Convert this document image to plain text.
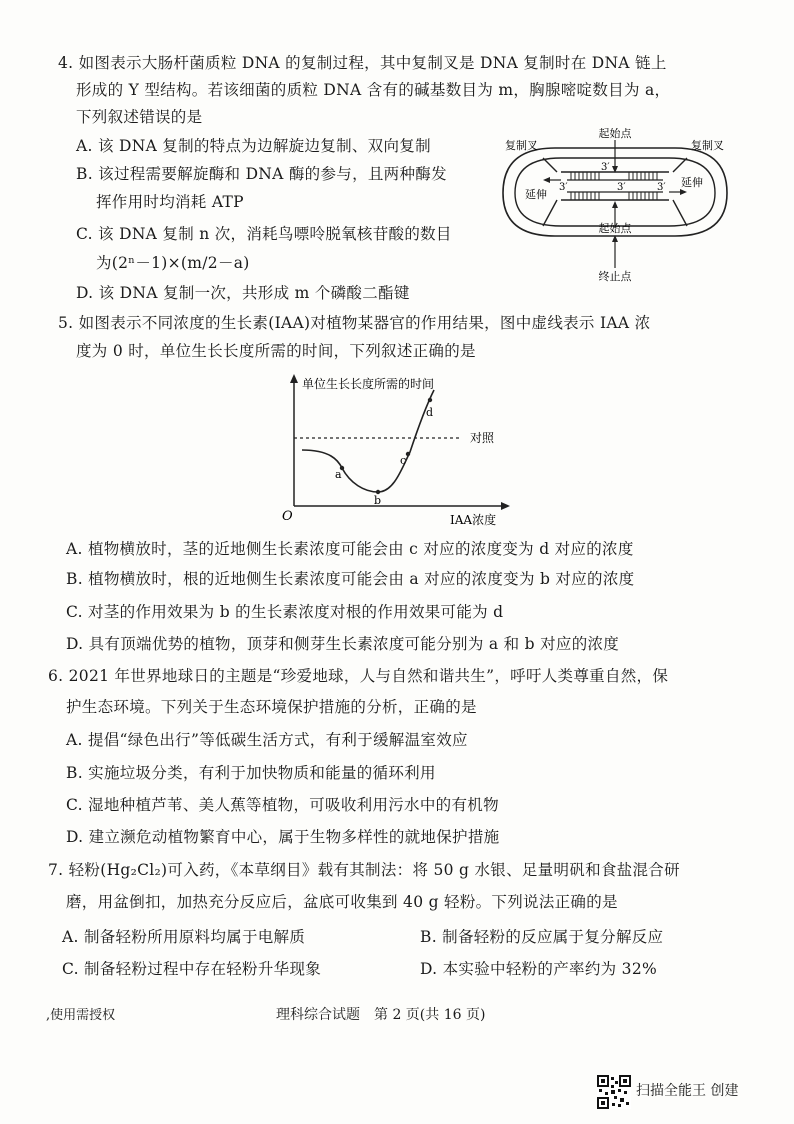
4. 如图表示大肠杆菌质粒 DNA 的复制过程，其中复制叉是 DNA 复制时在 DNA 链上
形成的 Y 型结构。若该细菌的质粒 DNA 含有的碱基数目为 m，胸腺嘧啶数目为 a，
下列叙述错误的是
A. 该 DNA 复制的特点为边解旋边复制、双向复制
B. 该过程需要解旋酶和 DNA 酶的参与，且两种酶发
挥作用时均消耗 ATP
C. 该 DNA 复制 n 次，消耗鸟嘌呤脱氧核苷酸的数目
为(2ⁿ－1)×(m/2－a)
D. 该 DNA 复制一次，共形成 m 个磷酸二酯键
起始点
复制叉	复制叉
3′
3′
3′	3′
延伸
延伸
起始点
终止点
5. 如图表示不同浓度的生长素(IAA)对植物某器官的作用结果，图中虚线表示 IAA 浓
度为 0 时，单位生长长度所需的时间，下列叙述正确的是
单位生长长度所需的时间
IAA浓度
O
对照
a
b
c
d
A. 植物横放时，茎的近地侧生长素浓度可能会由 c 对应的浓度变为 d 对应的浓度
B. 植物横放时，根的近地侧生长素浓度可能会由 a 对应的浓度变为 b 对应的浓度
C. 对茎的作用效果为 b 的生长素浓度对根的作用效果可能为 d
D. 具有顶端优势的植物，顶芽和侧芽生长素浓度可能分别为 a 和 b 对应的浓度
6. 2021 年世界地球日的主题是“珍爱地球，人与自然和谐共生”，呼吁人类尊重自然，保
护生态环境。下列关于生态环境保护措施的分析，正确的是
A. 提倡“绿色出行”等低碳生活方式，有利于缓解温室效应
B. 实施垃圾分类，有利于加快物质和能量的循环利用
C. 湿地种植芦苇、美人蕉等植物，可吸收利用污水中的有机物
D. 建立濒危动植物繁育中心，属于生物多样性的就地保护措施
7. 轻粉(Hg₂Cl₂)可入药，《本草纲目》载有其制法：将 50 g 水银、足量明矾和食盐混合研
磨，用盆倒扣，加热充分反应后，盆底可收集到 40 g 轻粉。下列说法正确的是
A. 制备轻粉所用原料均属于电解质	B. 制备轻粉的反应属于复分解反应
C. 制备轻粉过程中存在轻粉升华现象	D. 本实验中轻粉的产率约为 32%
,使用需授权	理科综合试题　第 2 页(共 16 页)
扫描全能王 创建
